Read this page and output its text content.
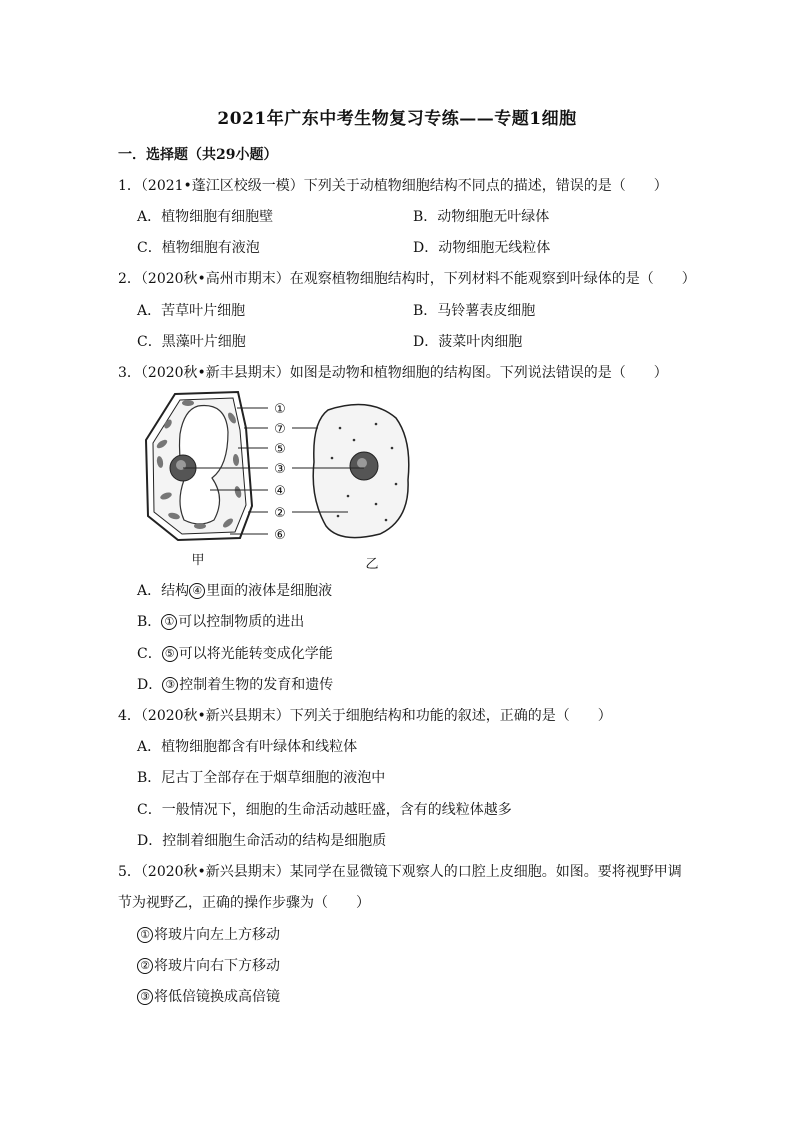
2021年广东中考生物复习专练——专题1细胞
一．选择题（共29小题）
1．（2021•蓬江区校级一模）下列关于动植物细胞结构不同点的描述，错误的是（　　）
A．植物细胞有细胞壁	B．动物细胞无叶绿体
C．植物细胞有液泡	D．动物细胞无线粒体
2．（2020秋•高州市期末）在观察植物细胞结构时，下列材料不能观察到叶绿体的是（　　）
A．苦草叶片细胞	B．马铃薯表皮细胞
C．黑藻叶片细胞	D．菠菜叶肉细胞
3．（2020秋•新丰县期末）如图是动物和植物细胞的结构图。下列说法错误的是（　　）
①
⑦
⑤
③
④
②
⑥
甲	乙
A．结构 ④ 里面的液体是细胞液
B． ① 可以控制物质的进出
C． ⑤ 可以将光能转变成化学能
D． ③ 控制着生物的发育和遗传
4．（2020秋•新兴县期末）下列关于细胞结构和功能的叙述，正确的是（　　）
A．植物细胞都含有叶绿体和线粒体
B．尼古丁全部存在于烟草细胞的液泡中
C．一般情况下，细胞的生命活动越旺盛，含有的线粒体越多
D．控制着细胞生命活动的结构是细胞质
5．（2020秋•新兴县期末）某同学在显微镜下观察人的口腔上皮细胞。如图。要将视野甲调
节为视野乙，正确的操作步骤为（　　）
① 将玻片向左上方移动
② 将玻片向右下方移动
③ 将低倍镜换成高倍镜
